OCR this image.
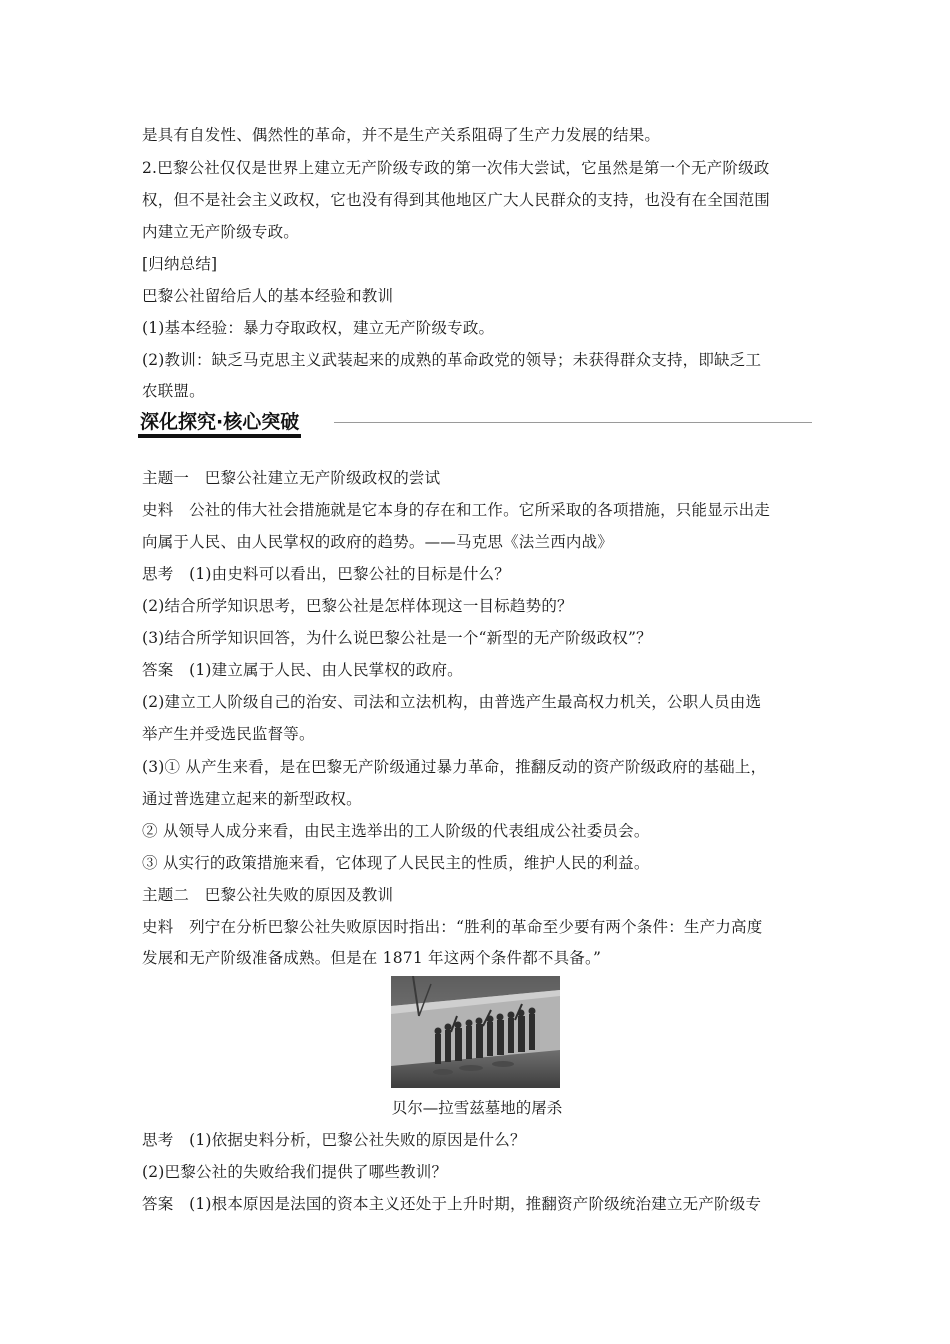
是具有自发性、偶然性的革命，并不是生产关系阻碍了生产力发展的结果。
2.巴黎公社仅仅是世界上建立无产阶级专政的第一次伟大尝试，它虽然是第一个无产阶级政
权，但不是社会主义政权，它也没有得到其他地区广大人民群众的支持，也没有在全国范围
内建立无产阶级专政。
[归纳总结]
巴黎公社留给后人的基本经验和教训
(1)基本经验：暴力夺取政权，建立无产阶级专政。
(2)教训：缺乏马克思主义武装起来的成熟的革命政党的领导；未获得群众支持，即缺乏工
农联盟。
深化探究·核心突破
主题一　巴黎公社建立无产阶级政权的尝试
史料　公社的伟大社会措施就是它本身的存在和工作。它所采取的各项措施，只能显示出走
向属于人民、由人民掌权的政府的趋势。——马克思《法兰西内战》
思考　(1)由史料可以看出，巴黎公社的目标是什么？
(2)结合所学知识思考，巴黎公社是怎样体现这一目标趋势的？
(3)结合所学知识回答，为什么说巴黎公社是一个“新型的无产阶级政权”？
答案　(1)建立属于人民、由人民掌权的政府。
(2)建立工人阶级自己的治安、司法和立法机构，由普选产生最高权力机关，公职人员由选
举产生并受选民监督等。
(3)① 从产生来看，是在巴黎无产阶级通过暴力革命，推翻反动的资产阶级政府的基础上，
通过普选建立起来的新型政权。
② 从领导人成分来看，由民主选举出的工人阶级的代表组成公社委员会。
③ 从实行的政策措施来看，它体现了人民民主的性质，维护人民的利益。
主题二　巴黎公社失败的原因及教训
史料　列宁在分析巴黎公社失败原因时指出：“胜利的革命至少要有两个条件：生产力高度
发展和无产阶级准备成熟。但是在 1871 年这两个条件都不具备。”
贝尔—拉雪兹墓地的屠杀
思考　(1)依据史料分析，巴黎公社失败的原因是什么？
(2)巴黎公社的失败给我们提供了哪些教训？
答案　(1)根本原因是法国的资本主义还处于上升时期，推翻资产阶级统治建立无产阶级专
